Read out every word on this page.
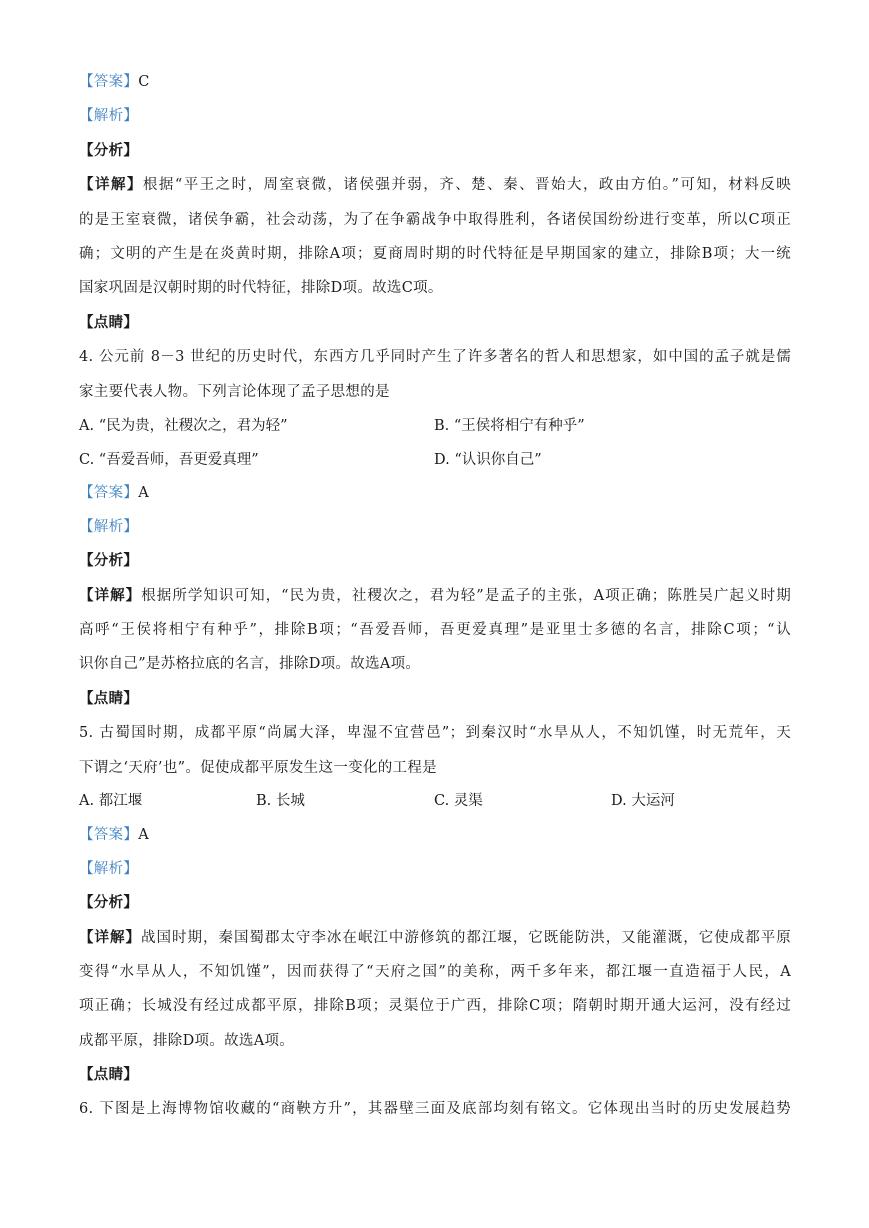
【答案】C
【解析】
【分析】
【详解】根据“平王之时，周室衰微，诸侯强并弱，齐、楚、秦、晋始大，政由方伯。”可知，材料反映
的是王室衰微，诸侯争霸，社会动荡，为了在争霸战争中取得胜利，各诸侯国纷纷进行变革，所以C项正
确；文明的产生是在炎黄时期，排除A项；夏商周时期的时代特征是早期国家的建立，排除B项；大一统
国家巩固是汉朝时期的时代特征，排除D项。故选C项。
【点睛】
4. 公元前 8－3 世纪的历史时代，东西方几乎同时产生了许多著名的哲人和思想家，如中国的孟子就是儒
家主要代表人物。下列言论体现了孟子思想的是
A. “民为贵，社稷次之，君为轻”	B. “王侯将相宁有种乎”
C. “吾爱吾师，吾更爱真理”	D. “认识你自己”
【答案】A
【解析】
【分析】
【详解】根据所学知识可知，“民为贵，社稷次之，君为轻”是孟子的主张，A项正确；陈胜吴广起义时期
高呼“王侯将相宁有种乎”，排除B项；“吾爱吾师，吾更爱真理”是亚里士多德的名言，排除C项；“认
识你自己”是苏格拉底的名言，排除D项。故选A项。
【点睛】
5. 古蜀国时期，成都平原“尚属大泽，卑湿不宜营邑”；到秦汉时“水旱从人，不知饥馑，时无荒年，天
下谓之‘天府’也”。促使成都平原发生这一变化的工程是
A. 都江堰	B. 长城	C. 灵渠	D. 大运河
【答案】A
【解析】
【分析】
【详解】战国时期，秦国蜀郡太守李冰在岷江中游修筑的都江堰，它既能防洪，又能灌溉，它使成都平原
变得“水旱从人，不知饥馑”，因而获得了“天府之国”的美称，两千多年来，都江堰一直造福于人民，A
项正确；长城没有经过成都平原，排除B项；灵渠位于广西，排除C项；隋朝时期开通大运河，没有经过
成都平原，排除D项。故选A项。
【点睛】
6. 下图是上海博物馆收藏的“商鞅方升”，其器壁三面及底部均刻有铭文。它体现出当时的历史发展趋势
